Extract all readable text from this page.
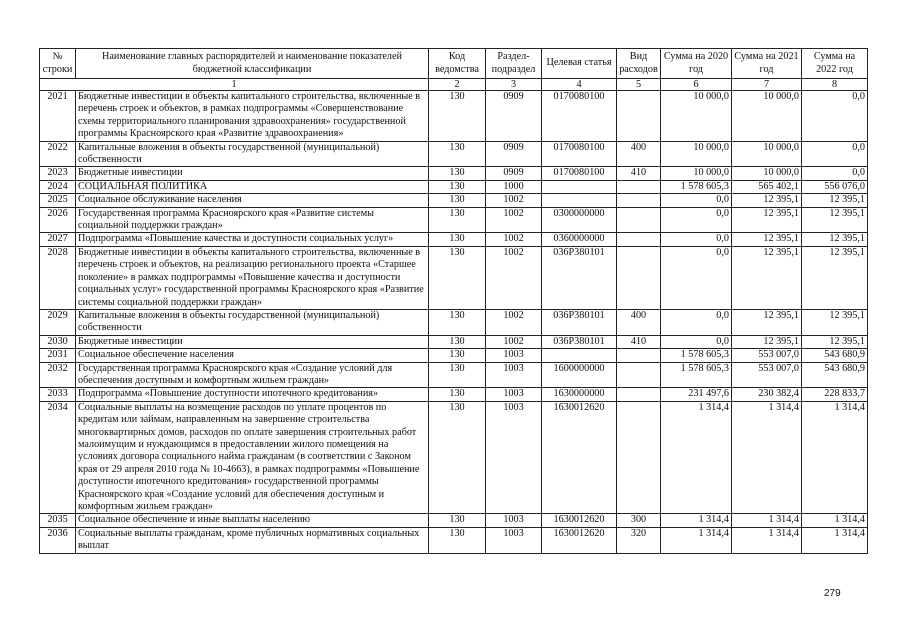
№ строки	Наименование главных распорядителей и наименование показателей бюджетной классификации	Код ведомства	Раздел- подраздел	Целевая статья	Вид расходов	Сумма на 2020 год	Сумма на 2021 год	Сумма на 2022 год
1		2	3	4	5	6	7	8
2021	Бюджетные инвестиции в объекты капитального строительства, включенные в перечень строек и объектов, в рамках подпрограммы «Совершенствование схемы территориального планирования здравоохранения» государственной программы Красноярского края «Развитие здравоохранения»	130	0909	0170080100		10 000,0	10 000,0	0,0
2022	Капитальные вложения в объекты государственной (муниципальной) собственности	130	0909	0170080100	400	10 000,0	10 000,0	0,0
2023	Бюджетные инвестиции	130	0909	0170080100	410	10 000,0	10 000,0	0,0
2024	СОЦИАЛЬНАЯ ПОЛИТИКА	130	1000			1 578 605,3	565 402,1	556 076,0
2025	Социальное обслуживание населения	130	1002			0,0	12 395,1	12 395,1
2026	Государственная программа Красноярского края «Развитие системы социальной поддержки граждан»	130	1002	0300000000		0,0	12 395,1	12 395,1
2027	Подпрограмма «Повышение качества и доступности социальных услуг»	130	1002	0360000000		0,0	12 395,1	12 395,1
2028	Бюджетные инвестиции в объекты капитального строительства, включенные в перечень строек и объектов, на реализацию регионального проекта «Старшее поколение» в рамках подпрограммы «Повышение качества и доступности социальных услуг» государственной программы Красноярского края «Развитие системы социальной поддержки граждан»	130	1002	036P380101		0,0	12 395,1	12 395,1
2029	Капитальные вложения в объекты государственной (муниципальной) собственности	130	1002	036P380101	400	0,0	12 395,1	12 395,1
2030	Бюджетные инвестиции	130	1002	036P380101	410	0,0	12 395,1	12 395,1
2031	Социальное обеспечение населения	130	1003			1 578 605,3	553 007,0	543 680,9
2032	Государственная программа Красноярского края «Создание условий для обеспечения доступным и комфортным жильем граждан»	130	1003	1600000000		1 578 605,3	553 007,0	543 680,9
2033	Подпрограмма «Повышение доступности ипотечного кредитования»	130	1003	1630000000		231 497,6	230 382,4	228 833,7
2034	Социальные выплаты на возмещение расходов по уплате процентов по кредитам или займам, направленным на завершение строительства многоквартирных домов, расходов по оплате завершения строительных работ малоимущим и нуждающимся в предоставлении жилого помещения на условиях договора социального найма гражданам (в соответствии с Законом края от 29 апреля 2010 года № 10-4663), в рамках подпрограммы «Повышение доступности ипотечного кредитования» государственной программы Красноярского края «Создание условий для обеспечения доступным и комфортным жильем граждан»	130	1003	1630012620		1 314,4	1 314,4	1 314,4
2035	Социальное обеспечение и иные выплаты населению	130	1003	1630012620	300	1 314,4	1 314,4	1 314,4
2036	Социальные выплаты гражданам, кроме публичных нормативных социальных выплат	130	1003	1630012620	320	1 314,4	1 314,4	1 314,4
279
